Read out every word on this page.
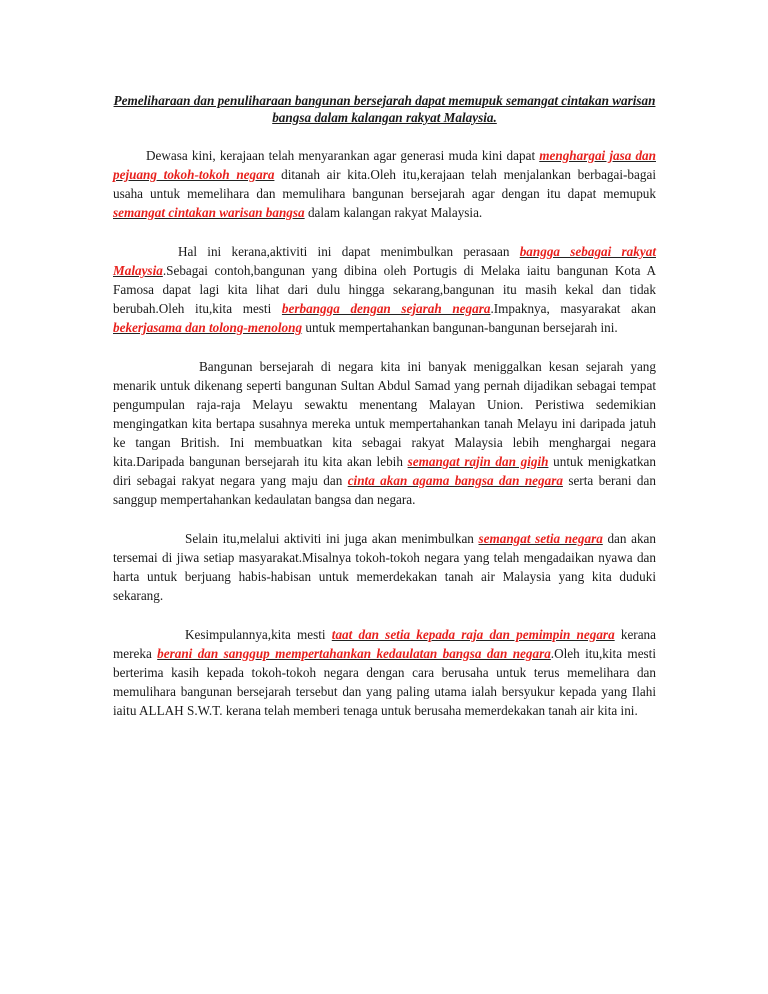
Pemeliharaan dan penuliharaan bangunan bersejarah dapat memupuk semangat cintakan warisan bangsa dalam kalangan rakyat Malaysia.

Dewasa kini, kerajaan telah menyarankan agar generasi muda kini dapat menghargai jasa dan pejuang tokoh-tokoh negara ditanah air kita.Oleh itu,kerajaan telah menjalankan berbagai-bagai usaha untuk memelihara dan memulihara bangunan bersejarah agar dengan itu dapat memupuk semangat cintakan warisan bangsa dalam kalangan rakyat Malaysia.

Hal ini kerana,aktiviti ini dapat menimbulkan perasaan bangga sebagai rakyat Malaysia.Sebagai contoh,bangunan yang dibina oleh Portugis di Melaka iaitu bangunan Kota A Famosa dapat lagi kita lihat dari dulu hingga sekarang,bangunan itu masih kekal dan tidak berubah.Oleh itu,kita mesti berbangga dengan sejarah negara.Impaknya, masyarakat akan bekerjasama dan tolong-menolong untuk mempertahankan bangunan-bangunan bersejarah ini.

Bangunan bersejarah di negara kita ini banyak meniggalkan kesan sejarah yang menarik untuk dikenang seperti bangunan Sultan Abdul Samad yang pernah dijadikan sebagai tempat pengumpulan raja-raja Melayu sewaktu menentang Malayan Union. Peristiwa sedemikian mengingatkan kita bertapa susahnya mereka untuk mempertahankan tanah Melayu ini daripada jatuh ke tangan British. Ini membuatkan kita sebagai rakyat Malaysia lebih menghargai negara kita.Daripada bangunan bersejarah itu kita akan lebih semangat rajin dan gigih untuk menigkatkan diri sebagai rakyat negara yang maju dan cinta akan agama bangsa dan negara serta berani dan sanggup mempertahankan kedaulatan bangsa dan negara.

Selain itu,melalui aktiviti ini juga akan menimbulkan semangat setia negara dan akan tersemai di jiwa setiap masyarakat.Misalnya tokoh-tokoh negara yang telah mengadaikan nyawa dan harta untuk berjuang habis-habisan untuk memerdekakan tanah air Malaysia yang kita duduki sekarang.

Kesimpulannya,kita mesti taat dan setia kepada raja dan pemimpin negara kerana mereka berani dan sanggup mempertahankan kedaulatan bangsa dan negara.Oleh itu,kita mesti berterima kasih kepada tokoh-tokoh negara dengan cara berusaha untuk terus memelihara dan memulihara bangunan bersejarah tersebut dan yang paling utama ialah bersyukur kepada yang Ilahi iaitu ALLAH S.W.T. kerana telah memberi tenaga untuk berusaha memerdekakan tanah air kita ini.
